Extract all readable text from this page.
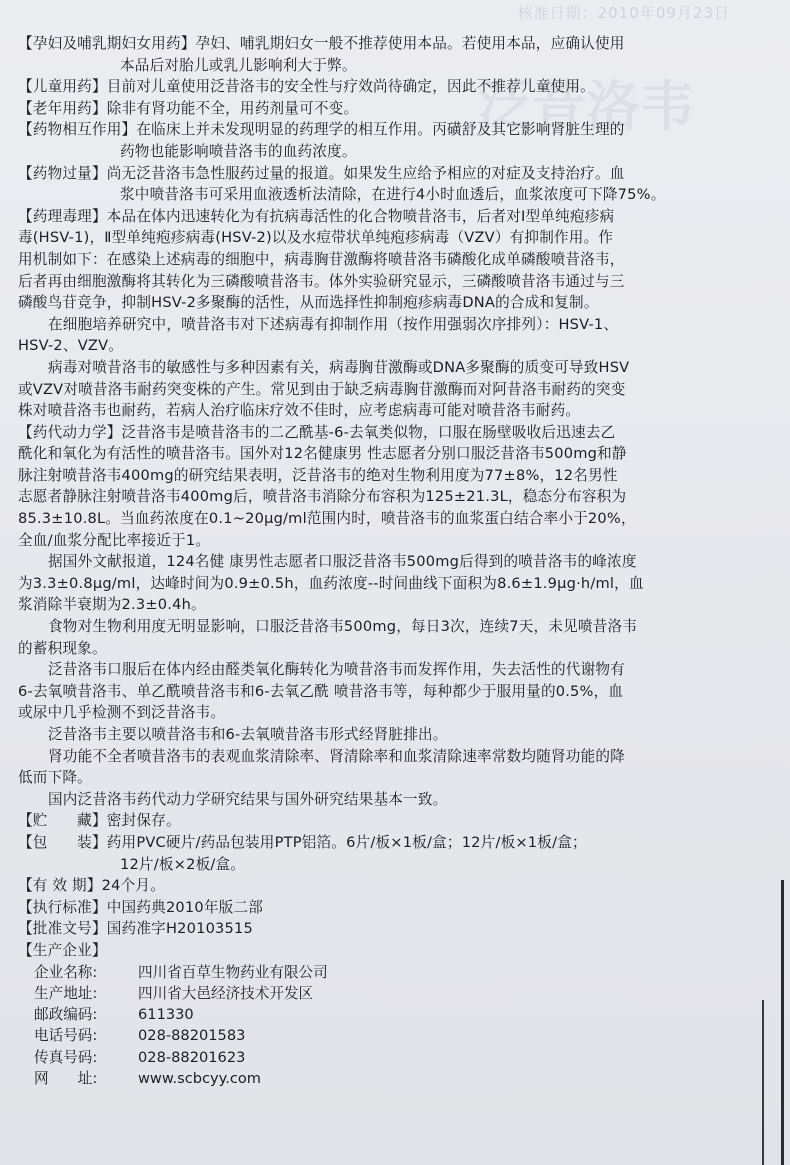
核准日期：2010年09月23日
泛昔洛韦
【孕妇及哺乳期妇女用药】孕妇、哺乳期妇女一般不推荐使用本品。若使用本品，应确认使用
本品后对胎儿或乳儿影响利大于弊。
【儿童用药】目前对儿童使用泛昔洛韦的安全性与疗效尚待确定，因此不推荐儿童使用。
【老年用药】除非有肾功能不全，用药剂量可不变。
【药物相互作用】在临床上并未发现明显的药理学的相互作用。丙磺舒及其它影响肾脏生理的
药物也能影响喷昔洛韦的血药浓度。
【药物过量】尚无泛昔洛韦急性服药过量的报道。如果发生应给予相应的对症及支持治疗。血
浆中喷昔洛韦可采用血液透析法清除，在进行4小时血透后，血浆浓度可下降75%。
【药理毒理】本品在体内迅速转化为有抗病毒活性的化合物喷昔洛韦，后者对Ⅰ型单纯疱疹病
毒(HSV-1)，Ⅱ型单纯疱疹病毒(HSV-2)以及水痘带状单纯疱疹病毒（VZV）有抑制作用。作
用机制如下：在感染上述病毒的细胞中，病毒胸苷激酶将喷昔洛韦磷酸化成单磷酸喷昔洛韦，
后者再由细胞激酶将其转化为三磷酸喷昔洛韦。体外实验研究显示，三磷酸喷昔洛韦通过与三
磷酸鸟苷竞争，抑制HSV-2多聚酶的活性，从而选择性抑制疱疹病毒DNA的合成和复制。
在细胞培养研究中，喷昔洛韦对下述病毒有抑制作用（按作用强弱次序排列）：HSV-1、
HSV-2、VZV。
病毒对喷昔洛韦的敏感性与多种因素有关，病毒胸苷激酶或DNA多聚酶的质变可导致HSV
或VZV对喷昔洛韦耐药突变株的产生。常见到由于缺乏病毒胸苷激酶而对阿昔洛韦耐药的突变
株对喷昔洛韦也耐药，若病人治疗临床疗效不佳时，应考虑病毒可能对喷昔洛韦耐药。
【药代动力学】泛昔洛韦是喷昔洛韦的二乙酰基-6-去氧类似物，口服在肠壁吸收后迅速去乙
酰化和氧化为有活性的喷昔洛韦。国外对12名健康男 性志愿者分别口服泛昔洛韦500mg和静
脉注射喷昔洛韦400mg的研究结果表明，泛昔洛韦的绝对生物利用度为77±8%，12名男性
志愿者静脉注射喷昔洛韦400mg后，喷昔洛韦消除分布容积为125±21.3L，稳态分布容积为
85.3±10.8L。当血药浓度在0.1~20μg/ml范围内时，喷昔洛韦的血浆蛋白结合率小于20%，
全血/血浆分配比率接近于1。
据国外文献报道，124名健 康男性志愿者口服泛昔洛韦500mg后得到的喷昔洛韦的峰浓度
为3.3±0.8μg/ml，达峰时间为0.9±0.5h，血药浓度--时间曲线下面积为8.6±1.9μg·h/ml，血
浆消除半衰期为2.3±0.4h。
食物对生物利用度无明显影响，口服泛昔洛韦500mg，每日3次，连续7天，未见喷昔洛韦
的蓄积现象。
泛昔洛韦口服后在体内经由醛类氧化酶转化为喷昔洛韦而发挥作用，失去活性的代谢物有
6-去氧喷昔洛韦、单乙酰喷昔洛韦和6-去氧乙酰 喷昔洛韦等，每种都少于服用量的0.5%，血
或尿中几乎检测不到泛昔洛韦。
泛昔洛韦主要以喷昔洛韦和6-去氧喷昔洛韦形式经肾脏排出。
肾功能不全者喷昔洛韦的表观血浆清除率、肾清除率和血浆清除速率常数均随肾功能的降
低而下降。
国内泛昔洛韦药代动力学研究结果与国外研究结果基本一致。
【贮　　藏】密封保存。
【包　　装】药用PVC硬片/药品包装用PTP铝箔。6片/板×1板/盒；12片/板×1板/盒；
12片/板×2板/盒。
【有 效 期】24个月。
【执行标准】中国药典2010年版二部
【批准文号】国药准字H20103515
【生产企业】
企业名称:	四川省百草生物药业有限公司
生产地址:	四川省大邑经济技术开发区
邮政编码:	611330
电话号码:	028-88201583
传真号码:	028-88201623
网　　址:	www.scbcyy.com
